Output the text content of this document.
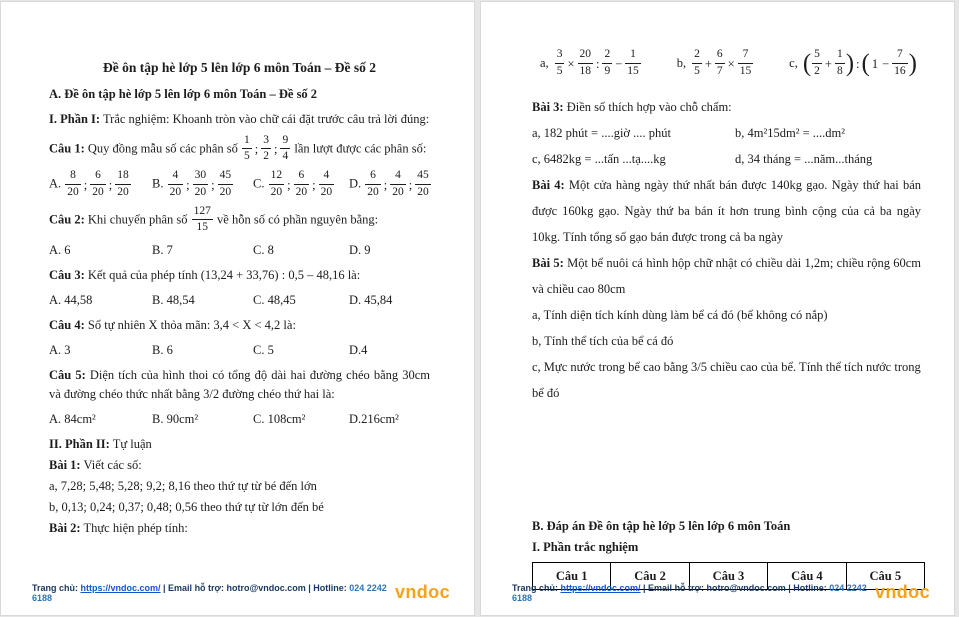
Đề ôn tập hè lớp 5 lên lớp 6 môn Toán – Đề số 2

A. Đề ôn tập hè lớp 5 lên lớp 6 môn Toán – Đề số 2

I. Phần I: Trắc nghiệm: Khoanh tròn vào chữ cái đặt trước câu trả lời đúng:

Câu 1: Quy đồng mẫu số các phân số $\frac{1}{5}$ ; $\frac{3}{2}$ ; $\frac{9}{4}$ lần lượt được các phân số:

A. $\frac{8}{20}$ ; $\frac{6}{20}$ ; $\frac{18}{20} B$. $\frac{4}{20}$ ; $\frac{30}{20}$ ; $\frac{45}{20} C$. $\frac{12}{20}$ ; $\frac{6}{20}$ ; $\frac{4}{20} D$. $\frac{6}{20}$ ; $\frac{4}{20}$ ; $\frac{45}{20}$

Câu 2: Khi chuyển phân số $\frac{127}{15}$ về hỗn số có phần nguyên bằng:

A. 6	B. 7	C. 8	D. 9

Câu 3: Kết quả của phép tính (13,24 + 33,76) : 0,5 – 48,16 là:

A. 44,58	B. 48,54	C. 48,45	D. 45,84

Câu 4: Số tự nhiên X thỏa mãn: 3,4 < X < 4,2 là:

A. 3	B. 6	C. 5	D.4

Câu 5: Diện tích của hình thoi có tổng độ dài hai đường chéo bằng 30cm và đường chéo thức nhất bằng 3/2 đường chéo thứ hai là:

A. 84cm²	B. 90cm²	C. 108cm²	D.216cm²

II. Phần II: Tự luận

Bài 1: Viết các số:

a, 7,28; 5,48; 5,28; 9,2; 8,16 theo thứ tự từ bé đến lớn

b, 0,13; 0,24; 0,37; 0,48; 0,56 theo thứ tự từ lớn đến bé

Bài 2: Thực hiện phép tính:

Trang chủ: https://vndoc.com/ | Email hỗ trợ: hotro@vndoc.com | Hotline: 024 2242 6188	vndoc
a, $\frac{3}{5} \times \frac{20}{18}$ : $\frac{2}{9} - \frac{1}{15}$	b, $\frac{2}{5} + \frac{6}{7} \times \frac{7}{15}$	c, ( $\frac{5}{2} + \frac{1}{8}$ ) :( $1 - \frac{7}{16}$ )

Bài 3: Điền số thích hợp vào chỗ chấm:

a, 182 phút = ....giờ .... phút	b, 4m²15dm² = ....dm²

c, 6482kg = ...tấn ...tạ....kg	d, 34 tháng = ...năm...tháng

Bài 4: Một cửa hàng ngày thứ nhất bán được 140kg gạo. Ngày thứ hai bán được 160kg gạo. Ngày thứ ba bán ít hơn trung bình cộng của cả ba ngày 10kg. Tính tổng số gạo bán được trong cả ba ngày

Bài 5: Một bể nuôi cá hình hộp chữ nhật có chiều dài 1,2m; chiều rộng 60cm và chiều cao 80cm

a, Tính diện tích kính dùng làm bể cá đó (bể không có nắp)

b, Tính thể tích của bể cá đó

c, Mực nước trong bể cao bằng 3/5 chiều cao của bể. Tính thể tích nước trong bể đó

B. Đáp án Đề ôn tập hè lớp 5 lên lớp 6 môn Toán

I. Phần trắc nghiệm

Câu 1	Câu 2	Câu 3	Câu 4	Câu 5
Trang chủ: https://vndoc.com/ | Email hỗ trợ: hotro@vndoc.com | Hotline: 024 2242 6188	vndoc
